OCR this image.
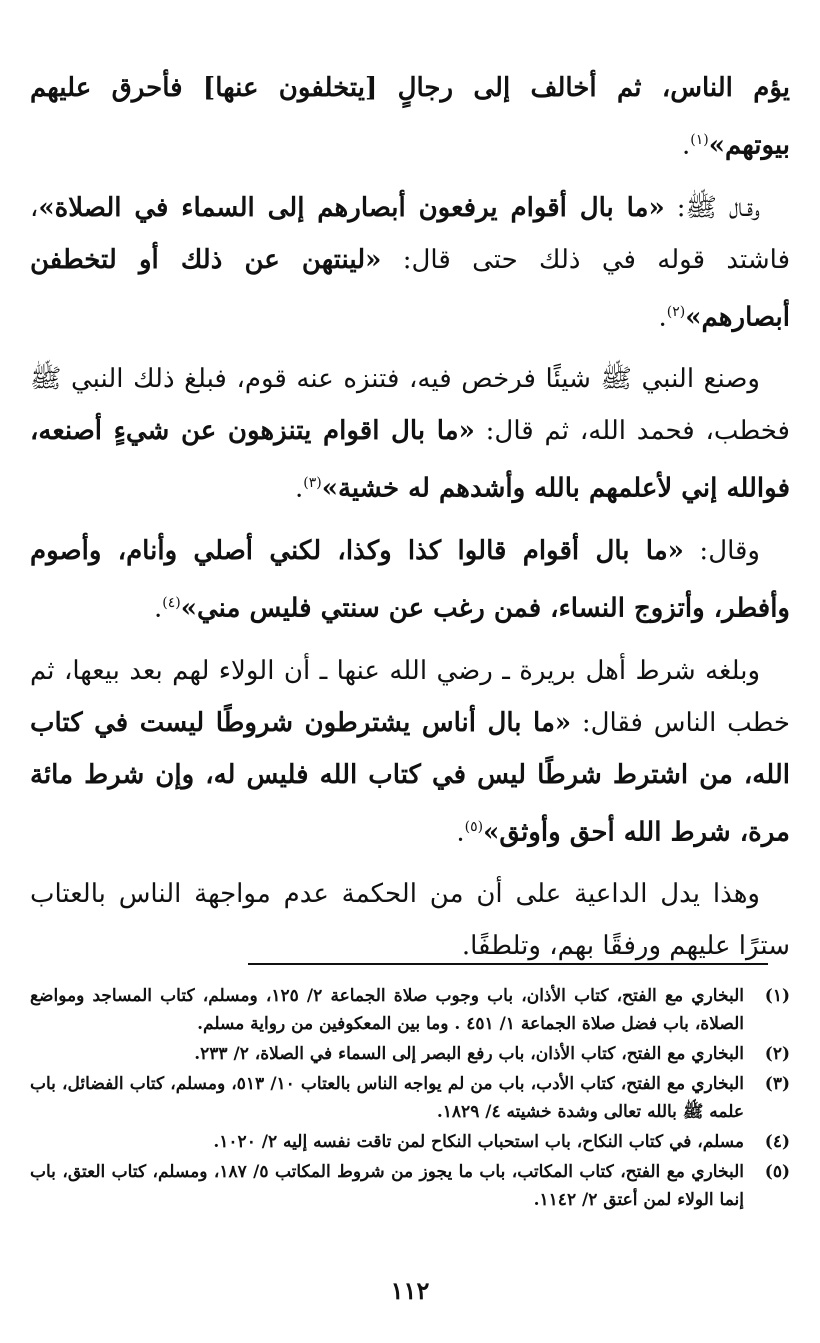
يؤم الناس، ثم أخالف إلى رجالٍ [يتخلفون عنها] فأحرق عليهم بيوتهم»$^{(١)}$.

وقـال ﷺ: «ما بال أقوام يرفعون أبصارهم إلى السماء في الصلاة»، فاشتد قوله في ذلك حتى قال: «لينتهن عن ذلك أو لتخطفن أبصارهم»$^{(٢)}$.

وصنع النبي ﷺ شيئًا فرخص فيه، فتنزه عنه قوم، فبلغ ذلك النبي ﷺ فخطب، فحمد الله، ثم قال: «ما بال اقوام يتنزهون عن شيءٍ أصنعه، فوالله إني لأعلمهم بالله وأشدهم له خشية»$^{(٣)}$.

وقال: «ما بال أقوام قالوا كذا وكذا، لكني أصلي وأنام، وأصوم وأفطر، وأتزوج النساء، فمن رغب عن سنتي فليس مني»$^{(٤)}$.

وبلغه شرط أهل بريرة ـ رضي الله عنها ـ أن الولاء لهم بعد بيعها، ثم خطب الناس فقال: «ما بال أناس يشترطون شروطًا ليست في كتاب الله، من اشترط شرطًا ليس في كتاب الله فليس له، وإن شرط مائة مرة، شرط الله أحق وأوثق»$^{(٥)}$.

وهذا يدل الداعية على أن من الحكمة عدم مواجهة الناس بالعتاب سترًا عليهم ورفقًا بهم، وتلطفًا.

(١)
البخاري مع الفتح، كتاب الأذان، باب وجوب صلاة الجماعة ٢/ ١٢٥، ومسلم، كتاب المساجد ومواضع الصلاة، باب فضل صلاة الجماعة ١/ ٤٥١ . وما بين المعكوفين من رواية مسلم.
(٢)
البخاري مع الفتح، كتاب الأذان، باب رفع البصر إلى السماء في الصلاة، ٢/ ٢٣٣.
(٣)
البخاري مع الفتح، كتاب الأدب، باب من لم يواجه الناس بالعتاب ١٠/ ٥١٣، ومسلم، كتاب الفضائل، باب علمه ﷺ بالله تعالى وشدة خشيته ٤/ ١٨٢٩.
(٤)
مسلم، في كتاب النكاح، باب استحباب النكاح لمن تاقت نفسه إليه ٢/ ١٠٢٠.
(٥)
البخاري مع الفتح، كتاب المكاتب، باب ما يجوز من شروط المكاتب ٥/ ١٨٧، ومسلم، كتاب العتق، باب إنما الولاء لمن أعتق ٢/ ١١٤٢.
١١٢
